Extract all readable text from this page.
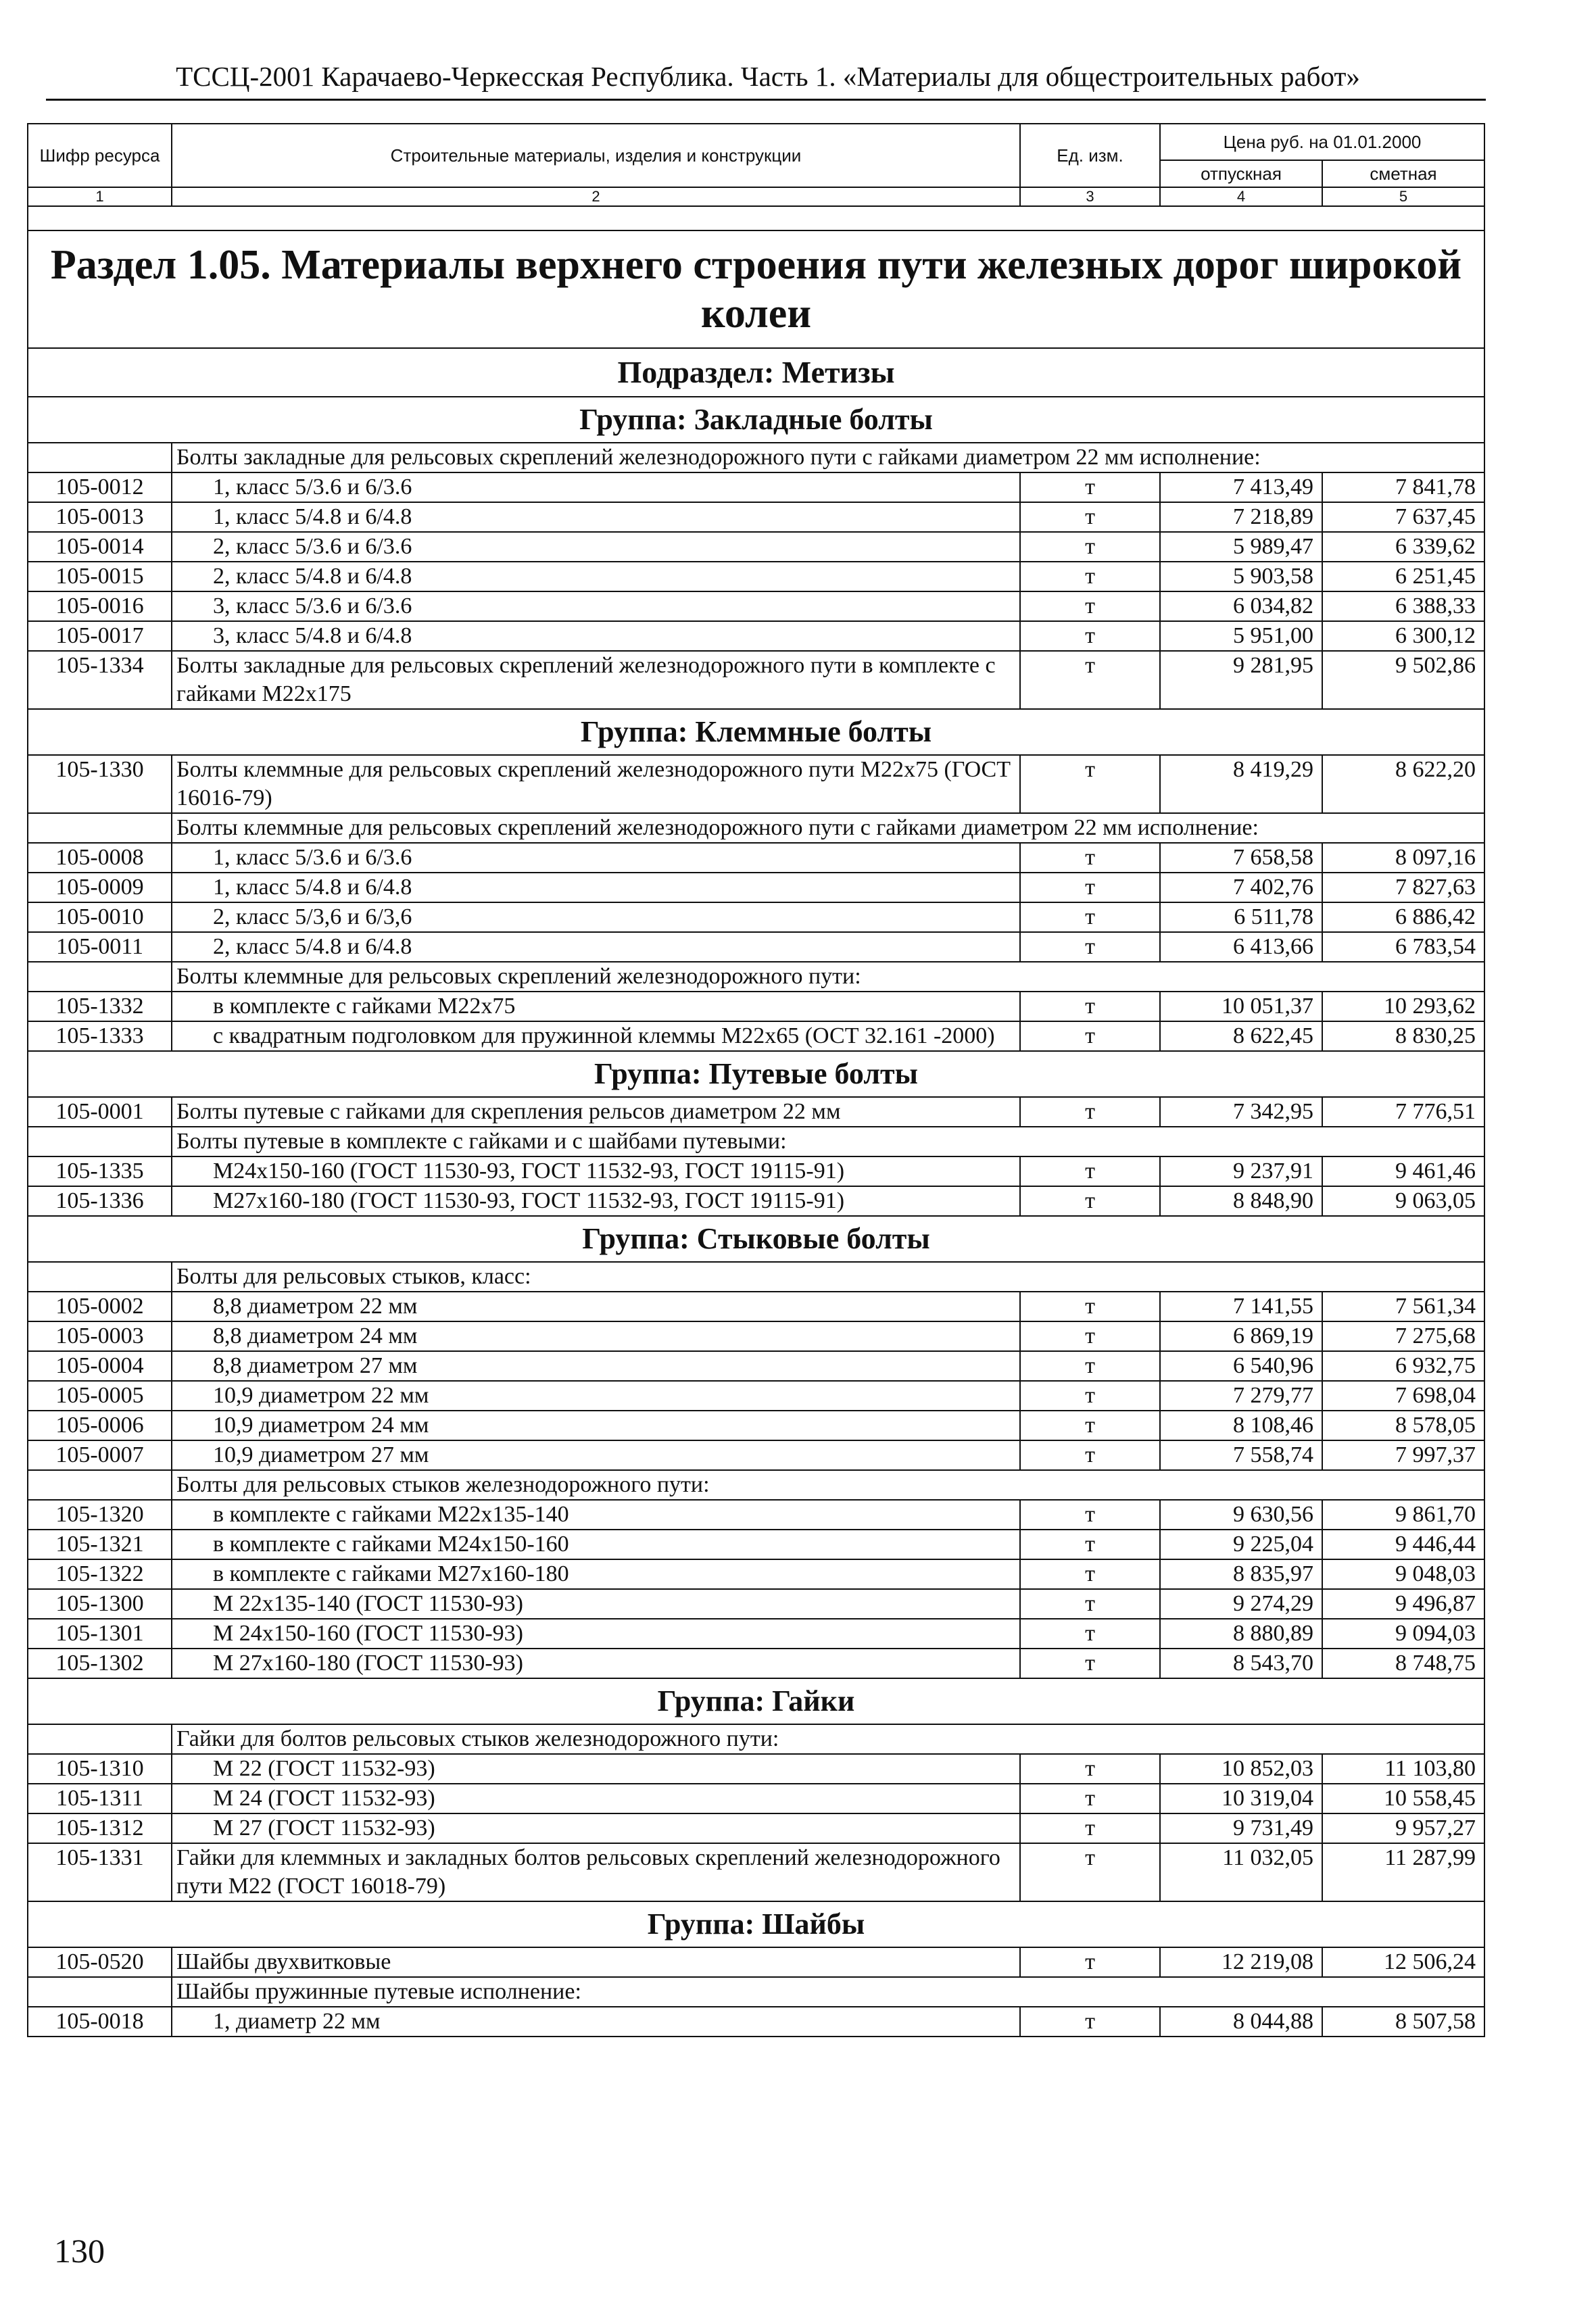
ТССЦ-2001 Карачаево-Черкесская Республика. Часть 1. «Материалы для общестроительных работ»
Шифр ресурса	Строительные материалы, изделия и конструкции	Ед. изм.	Цена руб. на 01.01.2000	
			отпускная	сметная
1	2	3	4	5

Раздел 1.05. Материалы верхнего строения пути железных дорог широкой колеи				
Подраздел: Метизы				
Группа: Закладные болты				
	Болты закладные для рельсовых скреплений железнодорожного пути с гайками диаметром 22 мм исполнение:			
105-0012	1, класс 5/3.6 и 6/3.6	т	7 413,49	7 841,78
105-0013	1, класс 5/4.8 и 6/4.8	т	7 218,89	7 637,45
105-0014	2, класс 5/3.6 и 6/3.6	т	5 989,47	6 339,62
105-0015	2, класс 5/4.8 и 6/4.8	т	5 903,58	6 251,45
105-0016	3, класс 5/3.6 и 6/3.6	т	6 034,82	6 388,33
105-0017	3, класс 5/4.8 и 6/4.8	т	5 951,00	6 300,12
105-1334	Болты закладные для рельсовых скреплений железнодорожного пути в комплекте с гайками М22х175	т	9 281,95	9 502,86
Группа: Клеммные болты				
105-1330	Болты клеммные для рельсовых скреплений железнодорожного пути М22х75 (ГОСТ 16016-79)	т	8 419,29	8 622,20
	Болты клеммные для рельсовых скреплений железнодорожного пути с гайками диаметром 22 мм исполнение:			
105-0008	1, класс 5/3.6 и 6/3.6	т	7 658,58	8 097,16
105-0009	1, класс 5/4.8 и 6/4.8	т	7 402,76	7 827,63
105-0010	2, класс 5/3,6 и 6/3,6	т	6 511,78	6 886,42
105-0011	2, класс 5/4.8 и 6/4.8	т	6 413,66	6 783,54
	Болты клеммные для рельсовых скреплений железнодорожного пути:			
105-1332	в комплекте с гайками М22х75	т	10 051,37	10 293,62
105-1333	с квадратным подголовком для пружинной клеммы М22х65 (ОСТ 32.161 -2000)	т	8 622,45	8 830,25
Группа: Путевые болты				
105-0001	Болты путевые с гайками для скрепления рельсов диаметром 22 мм	т	7 342,95	7 776,51
	Болты путевые в комплекте с гайками и с шайбами путевыми:			
105-1335	М24х150-160 (ГОСТ 11530-93, ГОСТ 11532-93, ГОСТ 19115-91)	т	9 237,91	9 461,46
105-1336	М27х160-180 (ГОСТ 11530-93, ГОСТ 11532-93, ГОСТ 19115-91)	т	8 848,90	9 063,05
Группа: Стыковые болты				
	Болты для рельсовых стыков, класс:			
105-0002	8,8 диаметром 22 мм	т	7 141,55	7 561,34
105-0003	8,8 диаметром 24 мм	т	6 869,19	7 275,68
105-0004	8,8 диаметром 27 мм	т	6 540,96	6 932,75
105-0005	10,9 диаметром 22 мм	т	7 279,77	7 698,04
105-0006	10,9 диаметром 24 мм	т	8 108,46	8 578,05
105-0007	10,9 диаметром 27 мм	т	7 558,74	7 997,37
	Болты для рельсовых стыков железнодорожного пути:			
105-1320	в комплекте с гайками М22х135-140	т	9 630,56	9 861,70
105-1321	в комплекте с гайками М24х150-160	т	9 225,04	9 446,44
105-1322	в комплекте с гайками М27х160-180	т	8 835,97	9 048,03
105-1300	М 22х135-140 (ГОСТ 11530-93)	т	9 274,29	9 496,87
105-1301	М 24х150-160 (ГОСТ 11530-93)	т	8 880,89	9 094,03
105-1302	М 27х160-180 (ГОСТ 11530-93)	т	8 543,70	8 748,75
Группа: Гайки				
	Гайки для болтов рельсовых стыков железнодорожного пути:			
105-1310	М 22 (ГОСТ 11532-93)	т	10 852,03	11 103,80
105-1311	М 24 (ГОСТ 11532-93)	т	10 319,04	10 558,45
105-1312	М 27 (ГОСТ 11532-93)	т	9 731,49	9 957,27
105-1331	Гайки для клеммных и закладных болтов рельсовых скреплений железнодорожного пути М22 (ГОСТ 16018-79)	т	11 032,05	11 287,99
Группа: Шайбы				
105-0520	Шайбы двухвитковые	т	12 219,08	12 506,24
	Шайбы пружинные путевые исполнение:			
105-0018	1, диаметр 22 мм	т	8 044,88	8 507,58
130
